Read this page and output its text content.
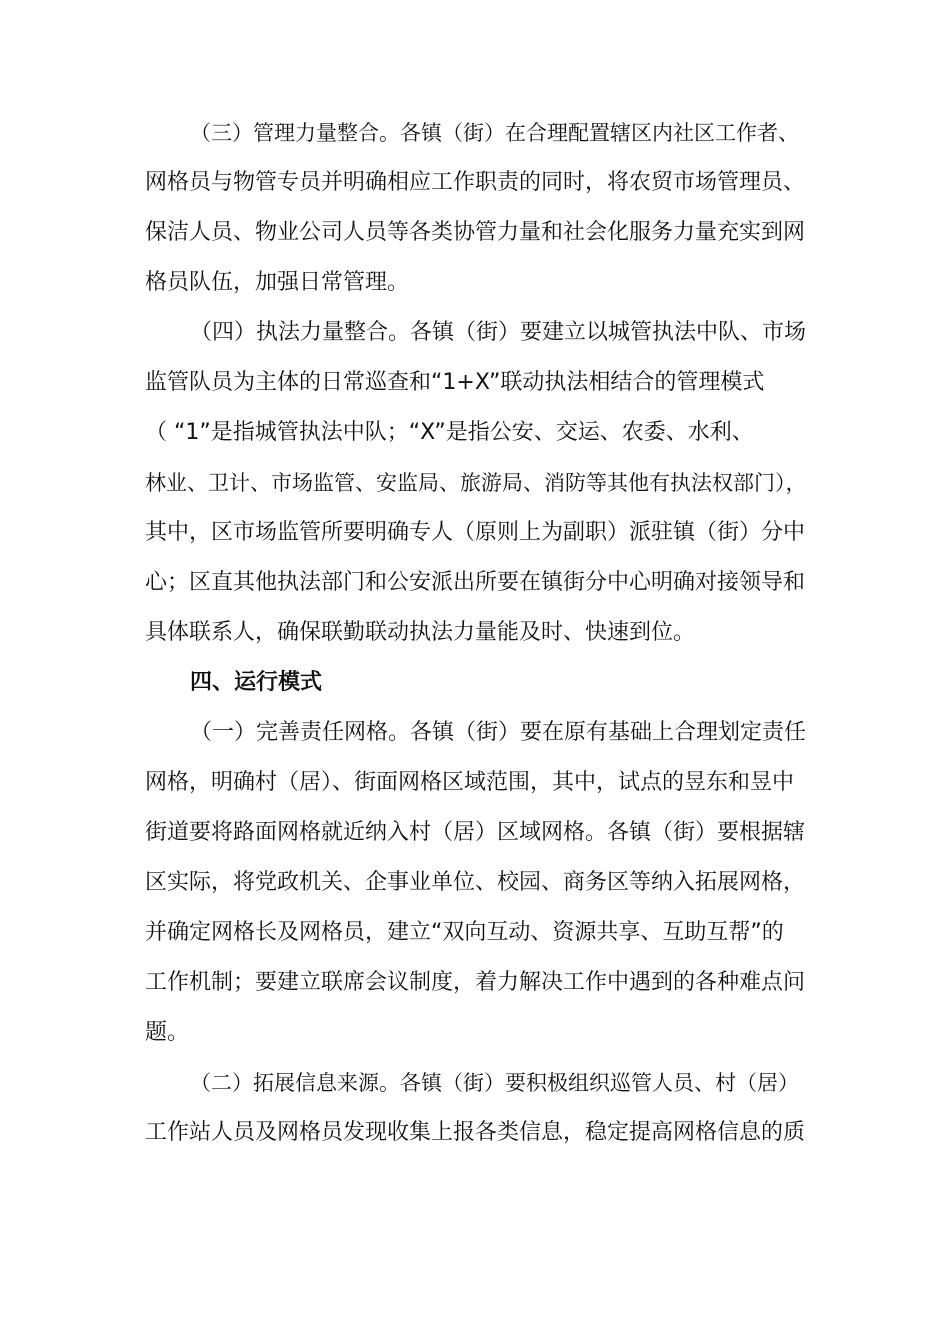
（三）管理力量整合。各镇（街）在合理配置辖区内社区工作者、
网格员与物管专员并明确相应工作职责的同时，将农贸市场管理员、
保洁人员、物业公司人员等各类协管力量和社会化服务力量充实到网
格员队伍，加强日常管理。
（四）执法力量整合。各镇（街）要建立以城管执法中队、市场
监管队员为主体的日常巡查和“1+X”联动执法相结合的管理模式
（ “1”是指城管执法中队；“X”是指公安、交运、农委、水利、
林业、卫计、市场监管、安监局、旅游局、消防等其他有执法权部门），
其中，区市场监管所要明确专人（原则上为副职）派驻镇（街）分中
心；区直其他执法部门和公安派出所要在镇街分中心明确对接领导和
具体联系人，确保联勤联动执法力量能及时、快速到位。
四、运行模式
（一）完善责任网格。各镇（街）要在原有基础上合理划定责任
网格，明确村（居）、街面网格区域范围，其中，试点的昱东和昱中
街道要将路面网格就近纳入村（居）区域网格。各镇（街）要根据辖
区实际，将党政机关、企事业单位、校园、商务区等纳入拓展网格，
并确定网格长及网格员，建立“双向互动、资源共享、互助互帮”的
工作机制；要建立联席会议制度，着力解决工作中遇到的各种难点问
题。
（二）拓展信息来源。各镇（街）要积极组织巡管人员、村（居）
工作站人员及网格员发现收集上报各类信息，稳定提高网格信息的质
